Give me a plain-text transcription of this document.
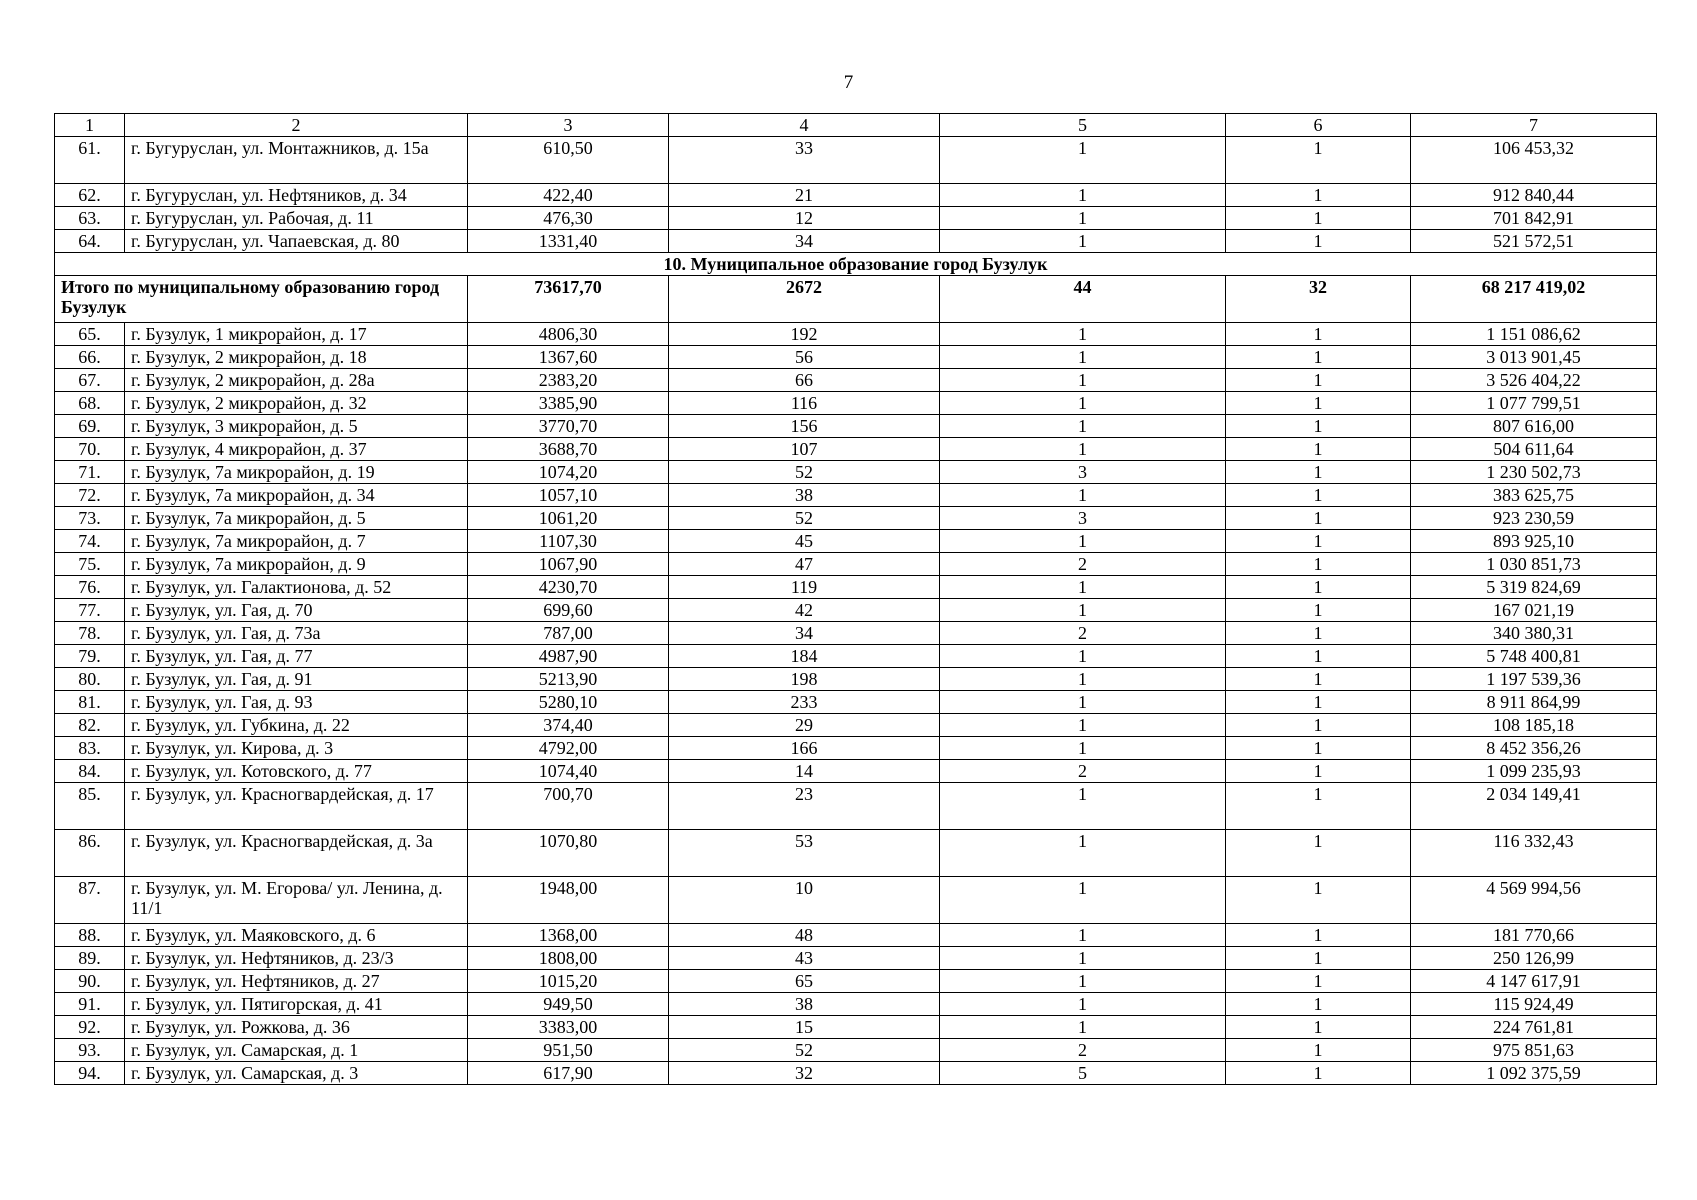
7
1	2	3	4	5	6	7
61.	г. Бугуруслан, ул. Монтажников, д. 15а	610,50	33	1	1	106 453,32
62.	г. Бугуруслан, ул. Нефтяников, д. 34	422,40	21	1	1	912 840,44
63.	г. Бугуруслан, ул. Рабочая, д. 11	476,30	12	1	1	701 842,91
64.	г. Бугуруслан, ул. Чапаевская, д. 80	1331,40	34	1	1	521 572,51
10. Муниципальное образование город Бузулук						
Итого по муниципальному образованию город Бузулук		73617,70	2672	44	32	68 217 419,02
65.	г. Бузулук, 1 микрорайон, д. 17	4806,30	192	1	1	1 151 086,62
66.	г. Бузулук, 2 микрорайон, д. 18	1367,60	56	1	1	3 013 901,45
67.	г. Бузулук, 2 микрорайон, д. 28а	2383,20	66	1	1	3 526 404,22
68.	г. Бузулук, 2 микрорайон, д. 32	3385,90	116	1	1	1 077 799,51
69.	г. Бузулук, 3 микрорайон, д. 5	3770,70	156	1	1	807 616,00
70.	г. Бузулук, 4 микрорайон, д. 37	3688,70	107	1	1	504 611,64
71.	г. Бузулук, 7а микрорайон, д. 19	1074,20	52	3	1	1 230 502,73
72.	г. Бузулук, 7а микрорайон, д. 34	1057,10	38	1	1	383 625,75
73.	г. Бузулук, 7а микрорайон, д. 5	1061,20	52	3	1	923 230,59
74.	г. Бузулук, 7а микрорайон, д. 7	1107,30	45	1	1	893 925,10
75.	г. Бузулук, 7а микрорайон, д. 9	1067,90	47	2	1	1 030 851,73
76.	г. Бузулук, ул. Галактионова, д. 52	4230,70	119	1	1	5 319 824,69
77.	г. Бузулук, ул. Гая, д. 70	699,60	42	1	1	167 021,19
78.	г. Бузулук, ул. Гая, д. 73а	787,00	34	2	1	340 380,31
79.	г. Бузулук, ул. Гая, д. 77	4987,90	184	1	1	5 748 400,81
80.	г. Бузулук, ул. Гая, д. 91	5213,90	198	1	1	1 197 539,36
81.	г. Бузулук, ул. Гая, д. 93	5280,10	233	1	1	8 911 864,99
82.	г. Бузулук, ул. Губкина, д. 22	374,40	29	1	1	108 185,18
83.	г. Бузулук, ул. Кирова, д. 3	4792,00	166	1	1	8 452 356,26
84.	г. Бузулук, ул. Котовского, д. 77	1074,40	14	2	1	1 099 235,93
85.	г. Бузулук, ул. Красногвардейская, д. 17	700,70	23	1	1	2 034 149,41
86.	г. Бузулук, ул. Красногвардейская, д. 3а	1070,80	53	1	1	116 332,43
87.	г. Бузулук, ул. М. Егорова/ ул. Ленина, д. 11/1	1948,00	10	1	1	4 569 994,56
88.	г. Бузулук, ул. Маяковского, д. 6	1368,00	48	1	1	181 770,66
89.	г. Бузулук, ул. Нефтяников, д. 23/3	1808,00	43	1	1	250 126,99
90.	г. Бузулук, ул. Нефтяников, д. 27	1015,20	65	1	1	4 147 617,91
91.	г. Бузулук, ул. Пятигорская, д. 41	949,50	38	1	1	115 924,49
92.	г. Бузулук, ул. Рожкова, д. 36	3383,00	15	1	1	224 761,81
93.	г. Бузулук, ул. Самарская, д. 1	951,50	52	2	1	975 851,63
94.	г. Бузулук, ул. Самарская, д. 3	617,90	32	5	1	1 092 375,59
